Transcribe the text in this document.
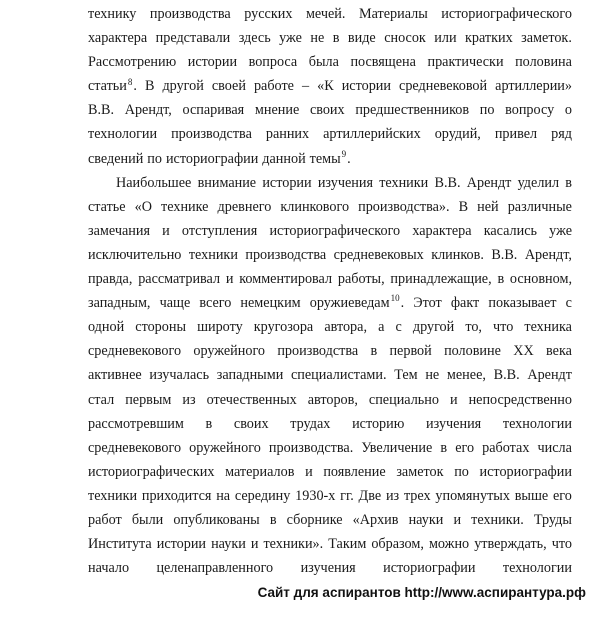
технику производства русских мечей. Материалы историографического
характера представали здесь уже не в виде сносок или кратких заметок.
Рассмотрению истории вопроса была посвящена практически половина
статьи$^8$. В другой своей работе – «К истории средневековой артиллерии»
В.В. Арендт, оспаривая мнение своих предшественников по вопросу о
технологии производства ранних артиллерийских орудий, привел ряд
сведений по историографии данной темы$^9$.
Наибольшее внимание истории изучения техники В.В. Арендт уделил в
статье «О технике древнего клинкового производства». В ней различные
замечания и отступления историографического характера касались уже
исключительно техники производства средневековых клинков. В.В. Арендт,
правда, рассматривал и комментировал работы, принадлежащие, в основном,
западным, чаще всего немецким оружиеведам$^{10}$. Этот факт показывает с
одной стороны широту кругозора автора, а с другой то, что техника
средневекового оружейного производства в первой половине XX века
активнее изучалась западными специалистами. Тем не менее, В.В. Арендт
стал первым из отечественных авторов, специально и непосредственно
рассмотревшим в своих трудах историю изучения технологии
средневекового оружейного производства. Увеличение в его работах числа
историографических материалов и появление заметок по историографии
техники приходится на середину 1930-х гг. Две из трех упомянутых выше его
работ были опубликованы в сборнике «Архив науки и техники. Труды
Института истории науки и техники». Таким образом, можно утверждать, что
начало целенаправленного изучения историографии технологии
Сайт для аспирантов http://www.аспирантура.рф
